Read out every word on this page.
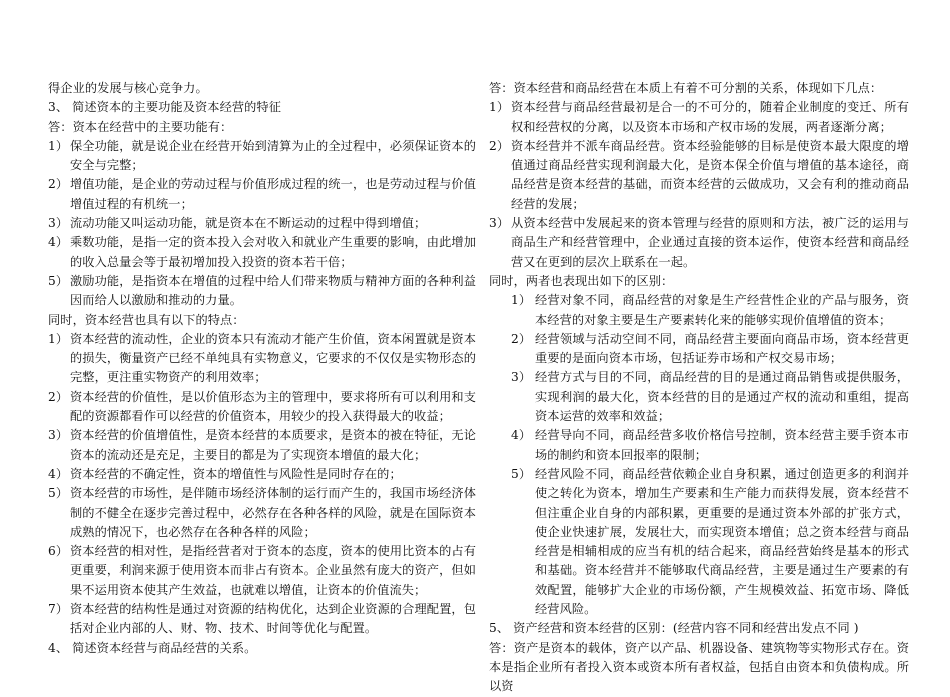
得企业的发展与核心竞争力。

3、 简述资本的主要功能及资本经营的特征

答：资本在经营中的主要功能有：

1） 保全功能，就是说企业在经营开始到清算为止的全过程中，必须保证资本的安全与完整；
2） 增值功能，是企业的劳动过程与价值形成过程的统一，也是劳动过程与价值增值过程的有机统一；
3） 流动功能又叫运动功能，就是资本在不断运动的过程中得到增值；
4） 乘数功能，是指一定的资本投入会对收入和就业产生重要的影响，由此增加的收入总量会等于最初增加投入投资的资本若干倍；
5） 激励功能，是指资本在增值的过程中给人们带来物质与精神方面的各种利益因而给人以激励和推动的力量。

同时，资本经营也具有以下的特点：

1） 资本经营的流动性，企业的资本只有流动才能产生价值，资本闲置就是资本的损失，衡量资产已经不单纯具有实物意义，它要求的不仅仅是实物形态的完整，更注重实物资产的利用效率；
2） 资本经营的价值性，是以价值形态为主的管理中，要求将所有可以利用和支配的资源都看作可以经营的价值资本，用较少的投入获得最大的收益；
3） 资本经营的价值增值性，是资本经营的本质要求，是资本的被在特征，无论资本的流动还是充足，主要目的都是为了实现资本增值的最大化；
4） 资本经营的不确定性，资本的增值性与风险性是同时存在的；
5） 资本经营的市场性，是伴随市场经济体制的运行而产生的，我国市场经济体制的不健全在逐步完善过程中，必然存在各种各样的风险，就是在国际资本成熟的情况下，也必然存在各种各样的风险；
6） 资本经营的相对性，是指经营者对于资本的态度，资本的使用比资本的占有更重要，利润来源于使用资本而非占有资本。企业虽然有庞大的资产，但如果不运用资本使其产生效益，也就难以增值，让资本的价值流失；
7） 资本经营的结构性是通过对资源的结构优化，达到企业资源的合理配置，包括对企业内部的人、财、物、技术、时间等优化与配置。

4、 简述资本经营与商品经营的关系。

答：资本经营和商品经营在本质上有着不可分割的关系，体现如下几点：

1） 资本经营与商品经营最初是合一的不可分的，随着企业制度的变迁、所有权和经营权的分离，以及资本市场和产权市场的发展，两者逐渐分离；
2） 资本经营并不派车商品经营。资本经验能够的目标是使资本最大限度的增值通过商品经营实现利润最大化，是资本保全价值与增值的基本途径，商品经营是资本经营的基础，而资本经营的云做成功，又会有利的推动商品经营的发展；
3） 从资本经营中发展起来的资本管理与经营的原则和方法，被广泛的运用与商品生产和经营管理中，企业通过直接的资本运作，使资本经营和商品经营又在更到的层次上联系在一起。

同时，两者也表现出如下的区别：

1） 经营对象不同，商品经营的对象是生产经营性企业的产品与服务，资本经营的对象主要是生产要素转化来的能够实现价值增值的资本；
2） 经营领域与活动空间不同，商品经营主要面向商品市场，资本经营更重要的是面向资本市场，包括证券市场和产权交易市场；
3） 经营方式与目的不同，商品经营的目的是通过商品销售或提供服务，实现利润的最大化，资本经营的目的是通过产权的流动和重组，提高资本运营的效率和效益；
4） 经营导向不同，商品经营多收价格信号控制，资本经营主要手资本市场的制约和资本回报率的限制；
5） 经营风险不同，商品经营依赖企业自身积累，通过创造更多的利润并使之转化为资本，增加生产要素和生产能力而获得发展，资本经营不但注重企业自身的内部积累，更重要的是通过资本外部的扩张方式，使企业快速扩展，发展壮大，而实现资本增值；总之资本经营与商品经营是相辅相成的应当有机的结合起来，商品经营始终是基本的形式和基础。资本经营并不能够取代商品经营，主要是通过生产要素的有效配置，能够扩大企业的市场份额，产生规模效益、拓宽市场、降低经营风险。

5、 资产经营和资本经营的区别：(经营内容不同和经营出发点不同 )

答：资产是资本的载体，资产以产品、机器设备、建筑物等实物形式存在。资本是指企业所有者投入资本或资本所有者权益，包括自由资本和负债构成。所以资
